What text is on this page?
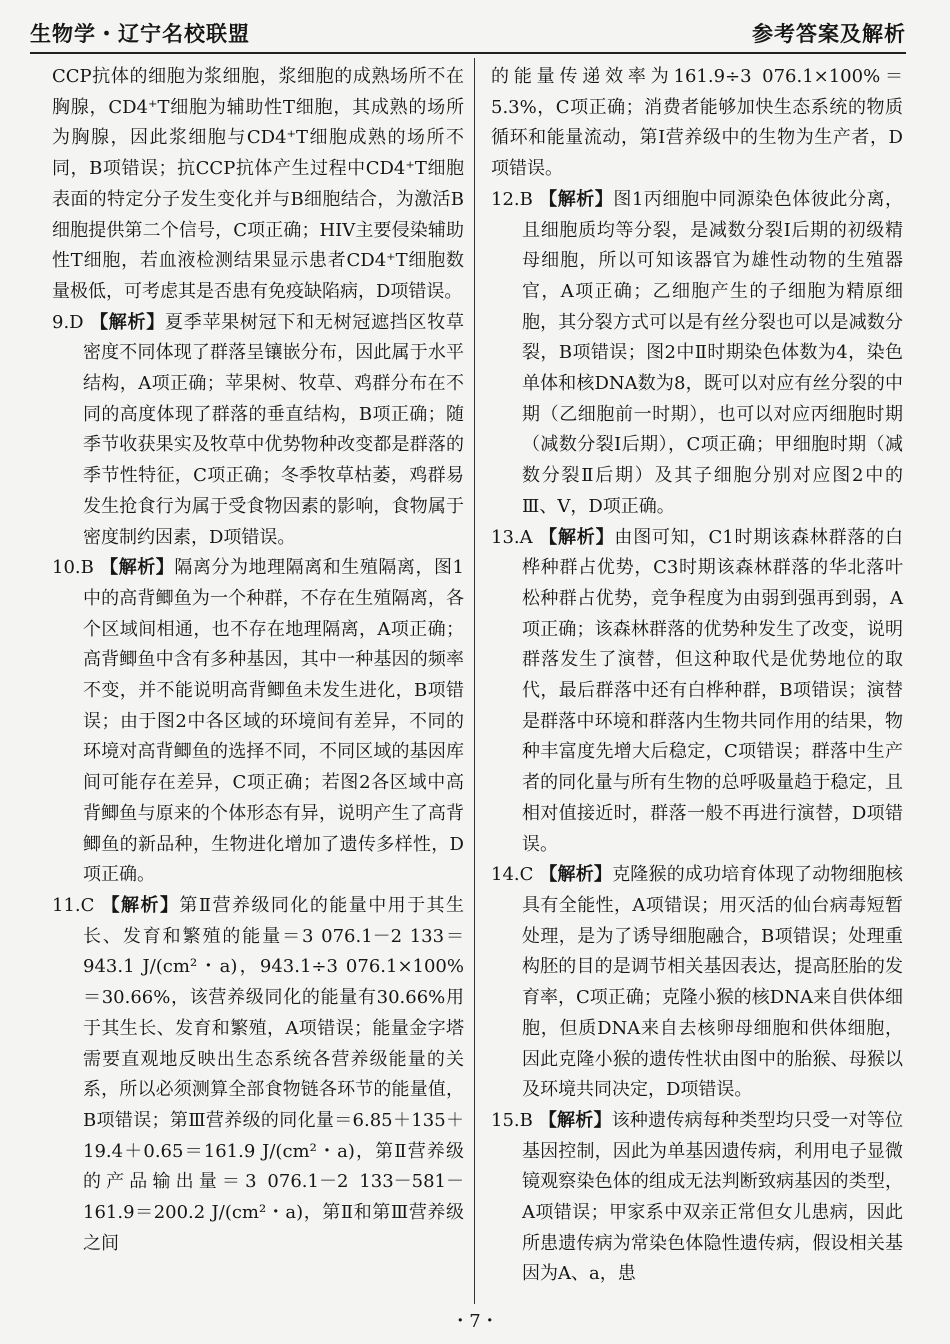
生物学・辽宁名校联盟	参考答案及解析

CCP抗体的细胞为浆细胞，浆细胞的成熟场所不在胸腺，CD4⁺T细胞为辅助性T细胞，其成熟的场所为胸腺，因此浆细胞与CD4⁺T细胞成熟的场所不同，B项错误；抗CCP抗体产生过程中CD4⁺T细胞表面的特定分子发生变化并与B细胞结合，为激活B细胞提供第二个信号，C项正确；HIV主要侵染辅助性T细胞，若血液检测结果显示患者CD4⁺T细胞数量极低，可考虑其是否患有免疫缺陷病，D项错误。

9.D 【解析】夏季苹果树冠下和无树冠遮挡区牧草密度不同体现了群落呈镶嵌分布，因此属于水平结构，A项正确；苹果树、牧草、鸡群分布在不同的高度体现了群落的垂直结构，B项正确；随季节收获果实及牧草中优势物种改变都是群落的季节性特征，C项正确；冬季牧草枯萎，鸡群易发生抢食行为属于受食物因素的影响，食物属于密度制约因素，D项错误。

10.B 【解析】隔离分为地理隔离和生殖隔离，图1中的高背鲫鱼为一个种群，不存在生殖隔离，各个区域间相通，也不存在地理隔离，A项正确；高背鲫鱼中含有多种基因，其中一种基因的频率不变，并不能说明高背鲫鱼未发生进化，B项错误；由于图2中各区域的环境间有差异，不同的环境对高背鲫鱼的选择不同，不同区域的基因库间可能存在差异，C项正确；若图2各区域中高背鲫鱼与原来的个体形态有异，说明产生了高背鲫鱼的新品种，生物进化增加了遗传多样性，D项正确。

11.C 【解析】第Ⅱ营养级同化的能量中用于其生长、发育和繁殖的能量＝3 076.1－2 133＝943.1 J/(cm²・a)，943.1÷3 076.1×100%＝30.66%，该营养级同化的能量有30.66%用于其生长、发育和繁殖，A项错误；能量金字塔需要直观地反映出生态系统各营养级能量的关系，所以必须测算全部食物链各环节的能量值，B项错误；第Ⅲ营养级的同化量＝6.85＋135＋19.4＋0.65＝161.9 J/(cm²・a)，第Ⅱ营养级的产品输出量＝3 076.1－2 133－581－161.9＝200.2 J/(cm²・a)，第Ⅱ和第Ⅲ营养级之间

的能量传递效率为161.9÷3 076.1×100%＝5.3%，C项正确；消费者能够加快生态系统的物质循环和能量流动，第Ⅰ营养级中的生物为生产者，D项错误。

12.B 【解析】图1丙细胞中同源染色体彼此分离，且细胞质均等分裂，是减数分裂Ⅰ后期的初级精母细胞，所以可知该器官为雄性动物的生殖器官，A项正确；乙细胞产生的子细胞为精原细胞，其分裂方式可以是有丝分裂也可以是减数分裂，B项错误；图2中Ⅱ时期染色体数为4，染色单体和核DNA数为8，既可以对应有丝分裂的中期（乙细胞前一时期），也可以对应丙细胞时期（减数分裂Ⅰ后期），C项正确；甲细胞时期（减数分裂Ⅱ后期）及其子细胞分别对应图2中的Ⅲ、Ⅴ，D项正确。

13.A 【解析】由图可知，C1时期该森林群落的白桦种群占优势，C3时期该森林群落的华北落叶松种群占优势，竞争程度为由弱到强再到弱，A项正确；该森林群落的优势种发生了改变，说明群落发生了演替，但这种取代是优势地位的取代，最后群落中还有白桦种群，B项错误；演替是群落中环境和群落内生物共同作用的结果，物种丰富度先增大后稳定，C项错误；群落中生产者的同化量与所有生物的总呼吸量趋于稳定，且相对值接近时，群落一般不再进行演替，D项错误。

14.C 【解析】克隆猴的成功培育体现了动物细胞核具有全能性，A项错误；用灭活的仙台病毒短暂处理，是为了诱导细胞融合，B项错误；处理重构胚的目的是调节相关基因表达，提高胚胎的发育率，C项正确；克隆小猴的核DNA来自供体细胞，但质DNA来自去核卵母细胞和供体细胞，因此克隆小猴的遗传性状由图中的胎猴、母猴以及环境共同决定，D项错误。

15.B 【解析】该种遗传病每种类型均只受一对等位基因控制，因此为单基因遗传病，利用电子显微镜观察染色体的组成无法判断致病基因的类型，A项错误；甲家系中双亲正常但女儿患病，因此所患遗传病为常染色体隐性遗传病，假设相关基因为A、a，患

・7・
